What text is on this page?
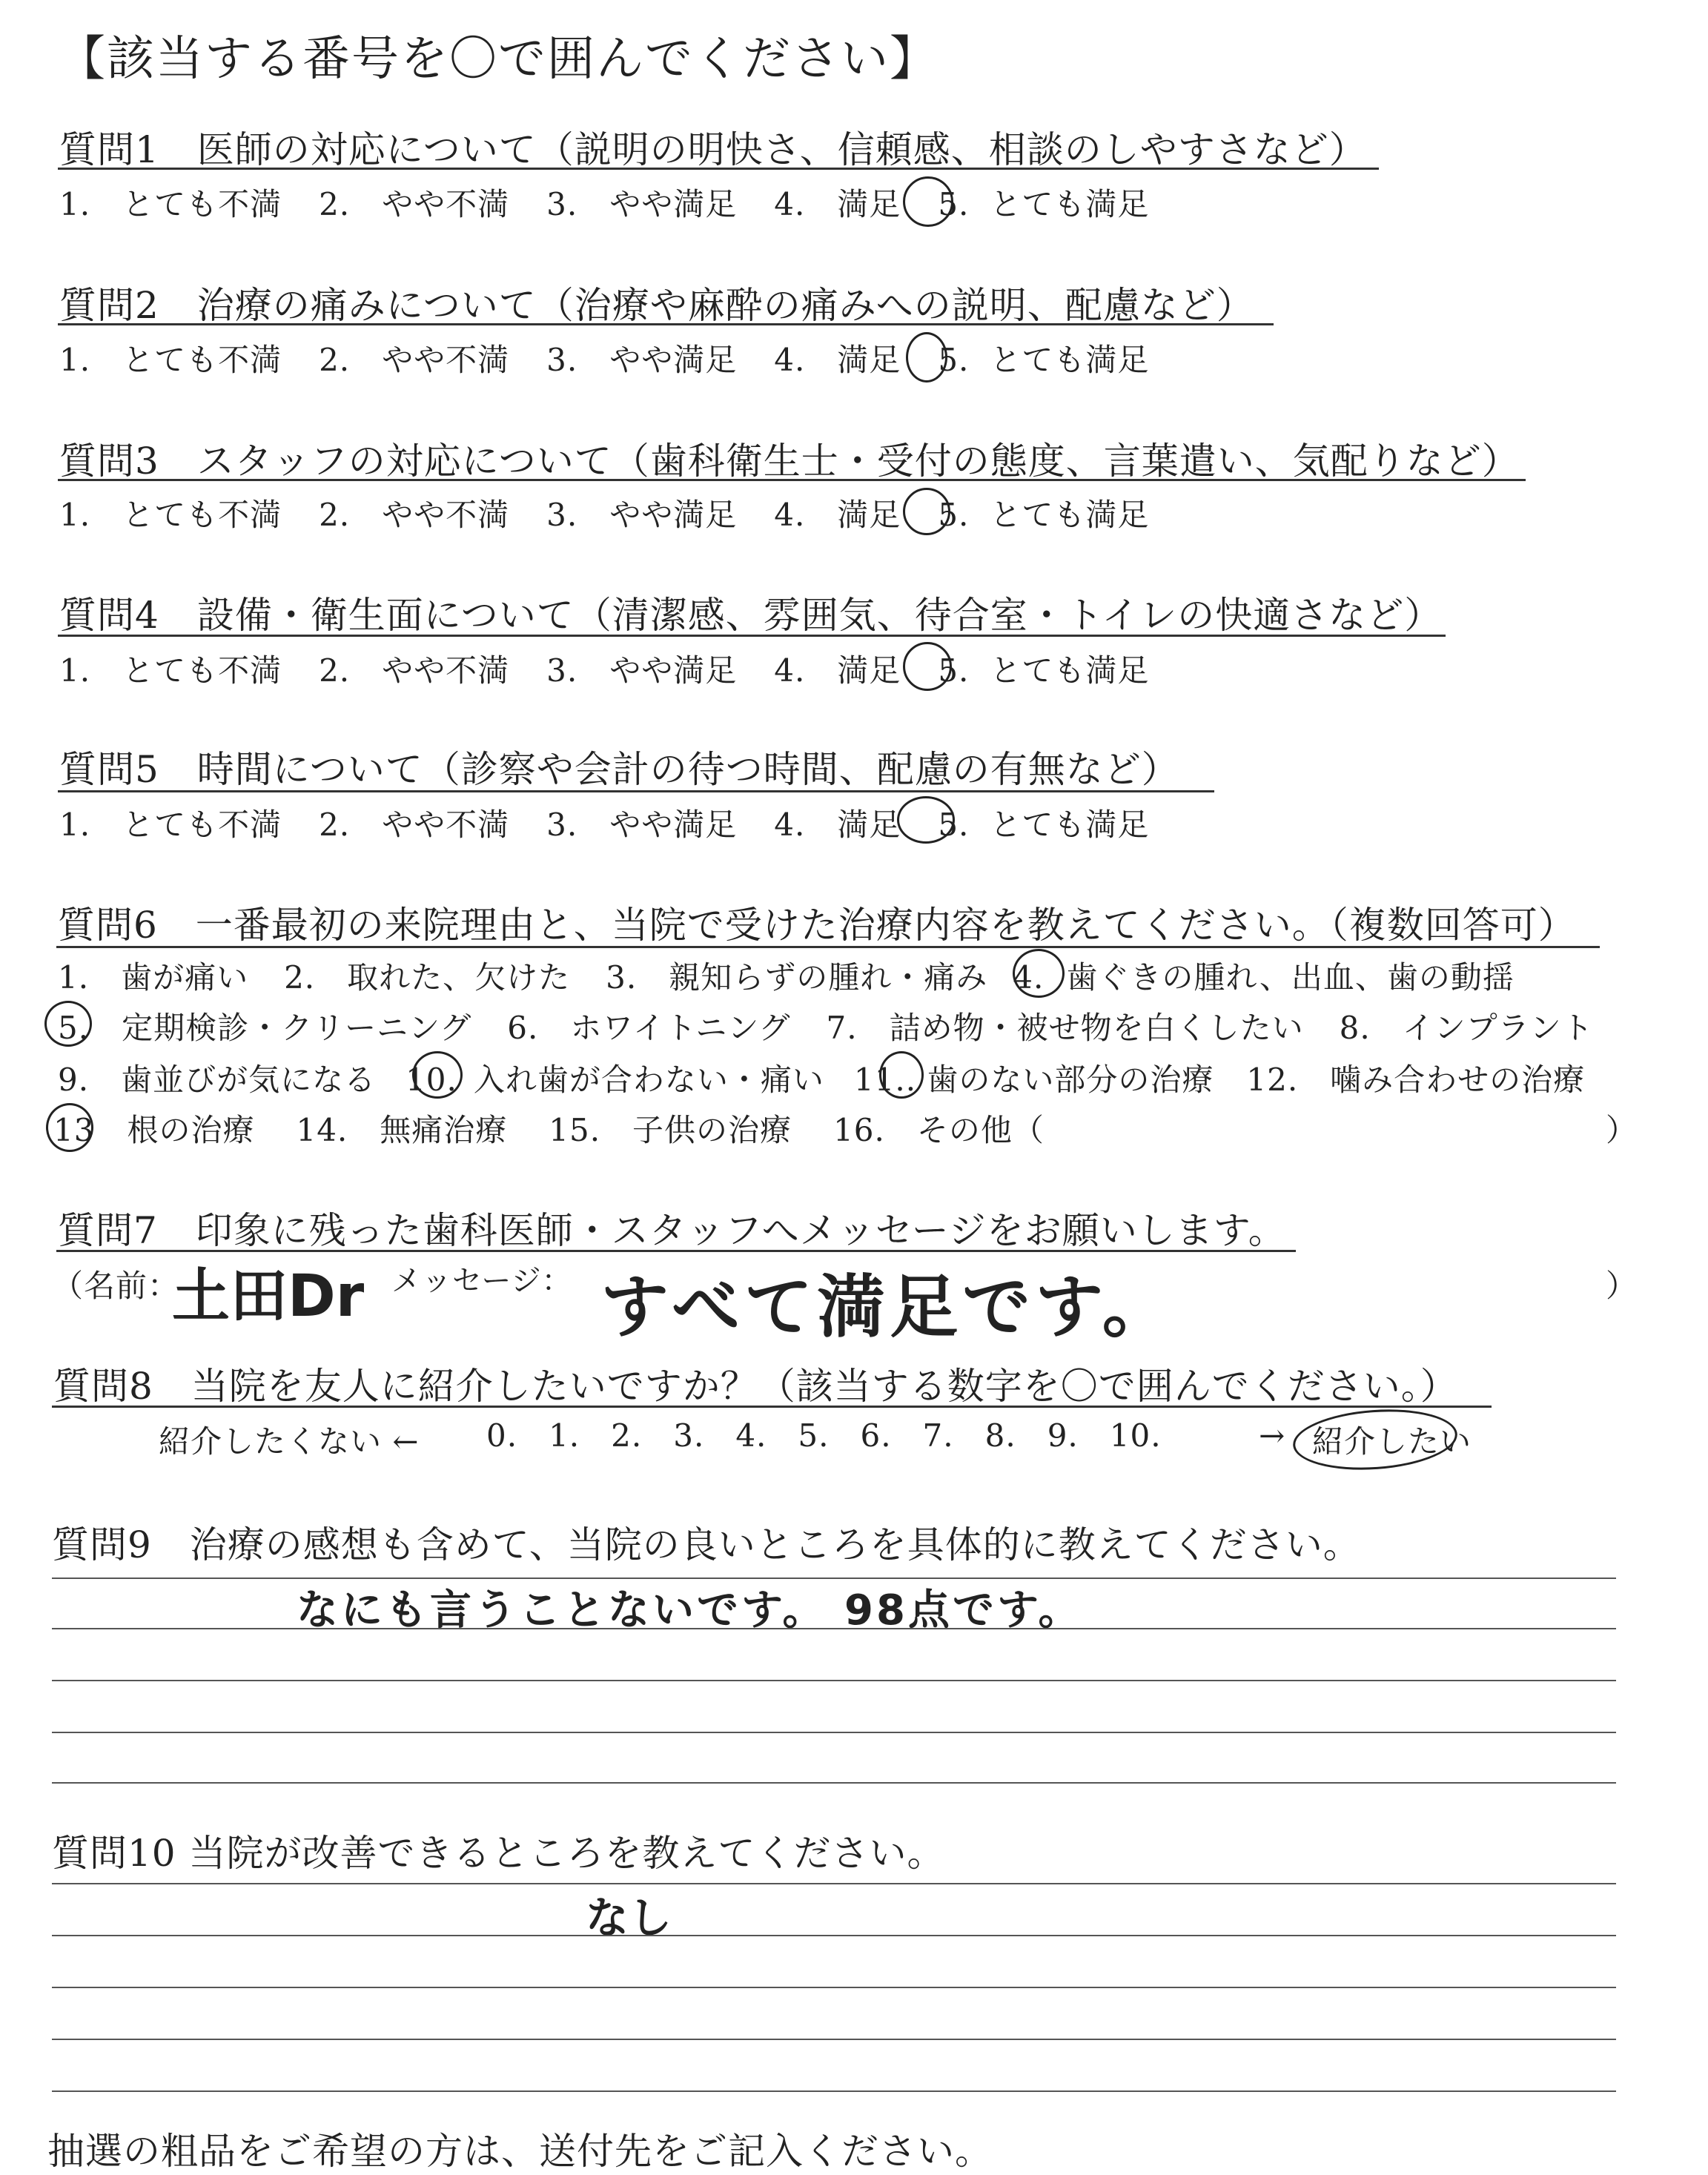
【該当する番号を〇で囲んでください】
質問1　医師の対応について（説明の明快さ、信頼感、相談のしやすさなど）
1.　とても不満 2.　やや不満 3.　やや満足 4.　満足 5. とても満足
質問2　治療の痛みについて（治療や麻酔の痛みへの説明、配慮など）
1.　とても不満 2.　やや不満 3.　やや満足 4.　満足 5. とても満足
質問3　スタッフの対応について（歯科衛生士・受付の態度、言葉遣い、気配りなど）
1.　とても不満 2.　やや不満 3.　やや満足 4.　満足 5. とても満足
質問4　設備・衛生面について（清潔感、雰囲気、待合室・トイレの快適さなど）
1.　とても不満 2.　やや不満 3.　やや満足 4.　満足 5. とても満足
質問5　時間について（診察や会計の待つ時間、配慮の有無など）
1.　とても不満 2.　やや不満 3.　やや満足 4.　満足 5. とても満足
質問6　一番最初の来院理由と、当院で受けた治療内容を教えてください。（複数回答可）
1.　歯が痛い 2.　取れた、欠けた 3.　親知らずの腫れ・痛み 4. 歯ぐきの腫れ、出血、歯の動揺
5. 定期検診・クリーニング 6.　ホワイトニング 7.　詰め物・被せ物を白くしたい 8.　インプラント
9.　歯並びが気になる 10. 入れ歯が合わない・痛い 11.. 歯のない部分の治療 12.　噛み合わせの治療
13 根の治療 14.　無痛治療 15.　子供の治療 16.　その他（	）
質問7　印象に残った歯科医師・スタッフへメッセージをお願いします。
（名前：
土田Dr メッセージ： すべて満足です。	）
質問8　当院を友人に紹介したいですか？（該当する数字を〇で囲んでください。）
紹介したくない ← 0. 1. 2. 3. 4. 5. 6. 7. 8. 9. 10.	→ 紹介したい
質問9　治療の感想も含めて、当院の良いところを具体的に教えてください。
なにも言うことないです。 98点です。
質問10 当院が改善できるところを教えてください。
なし
抽選の粗品をご希望の方は、送付先をご記入ください。
